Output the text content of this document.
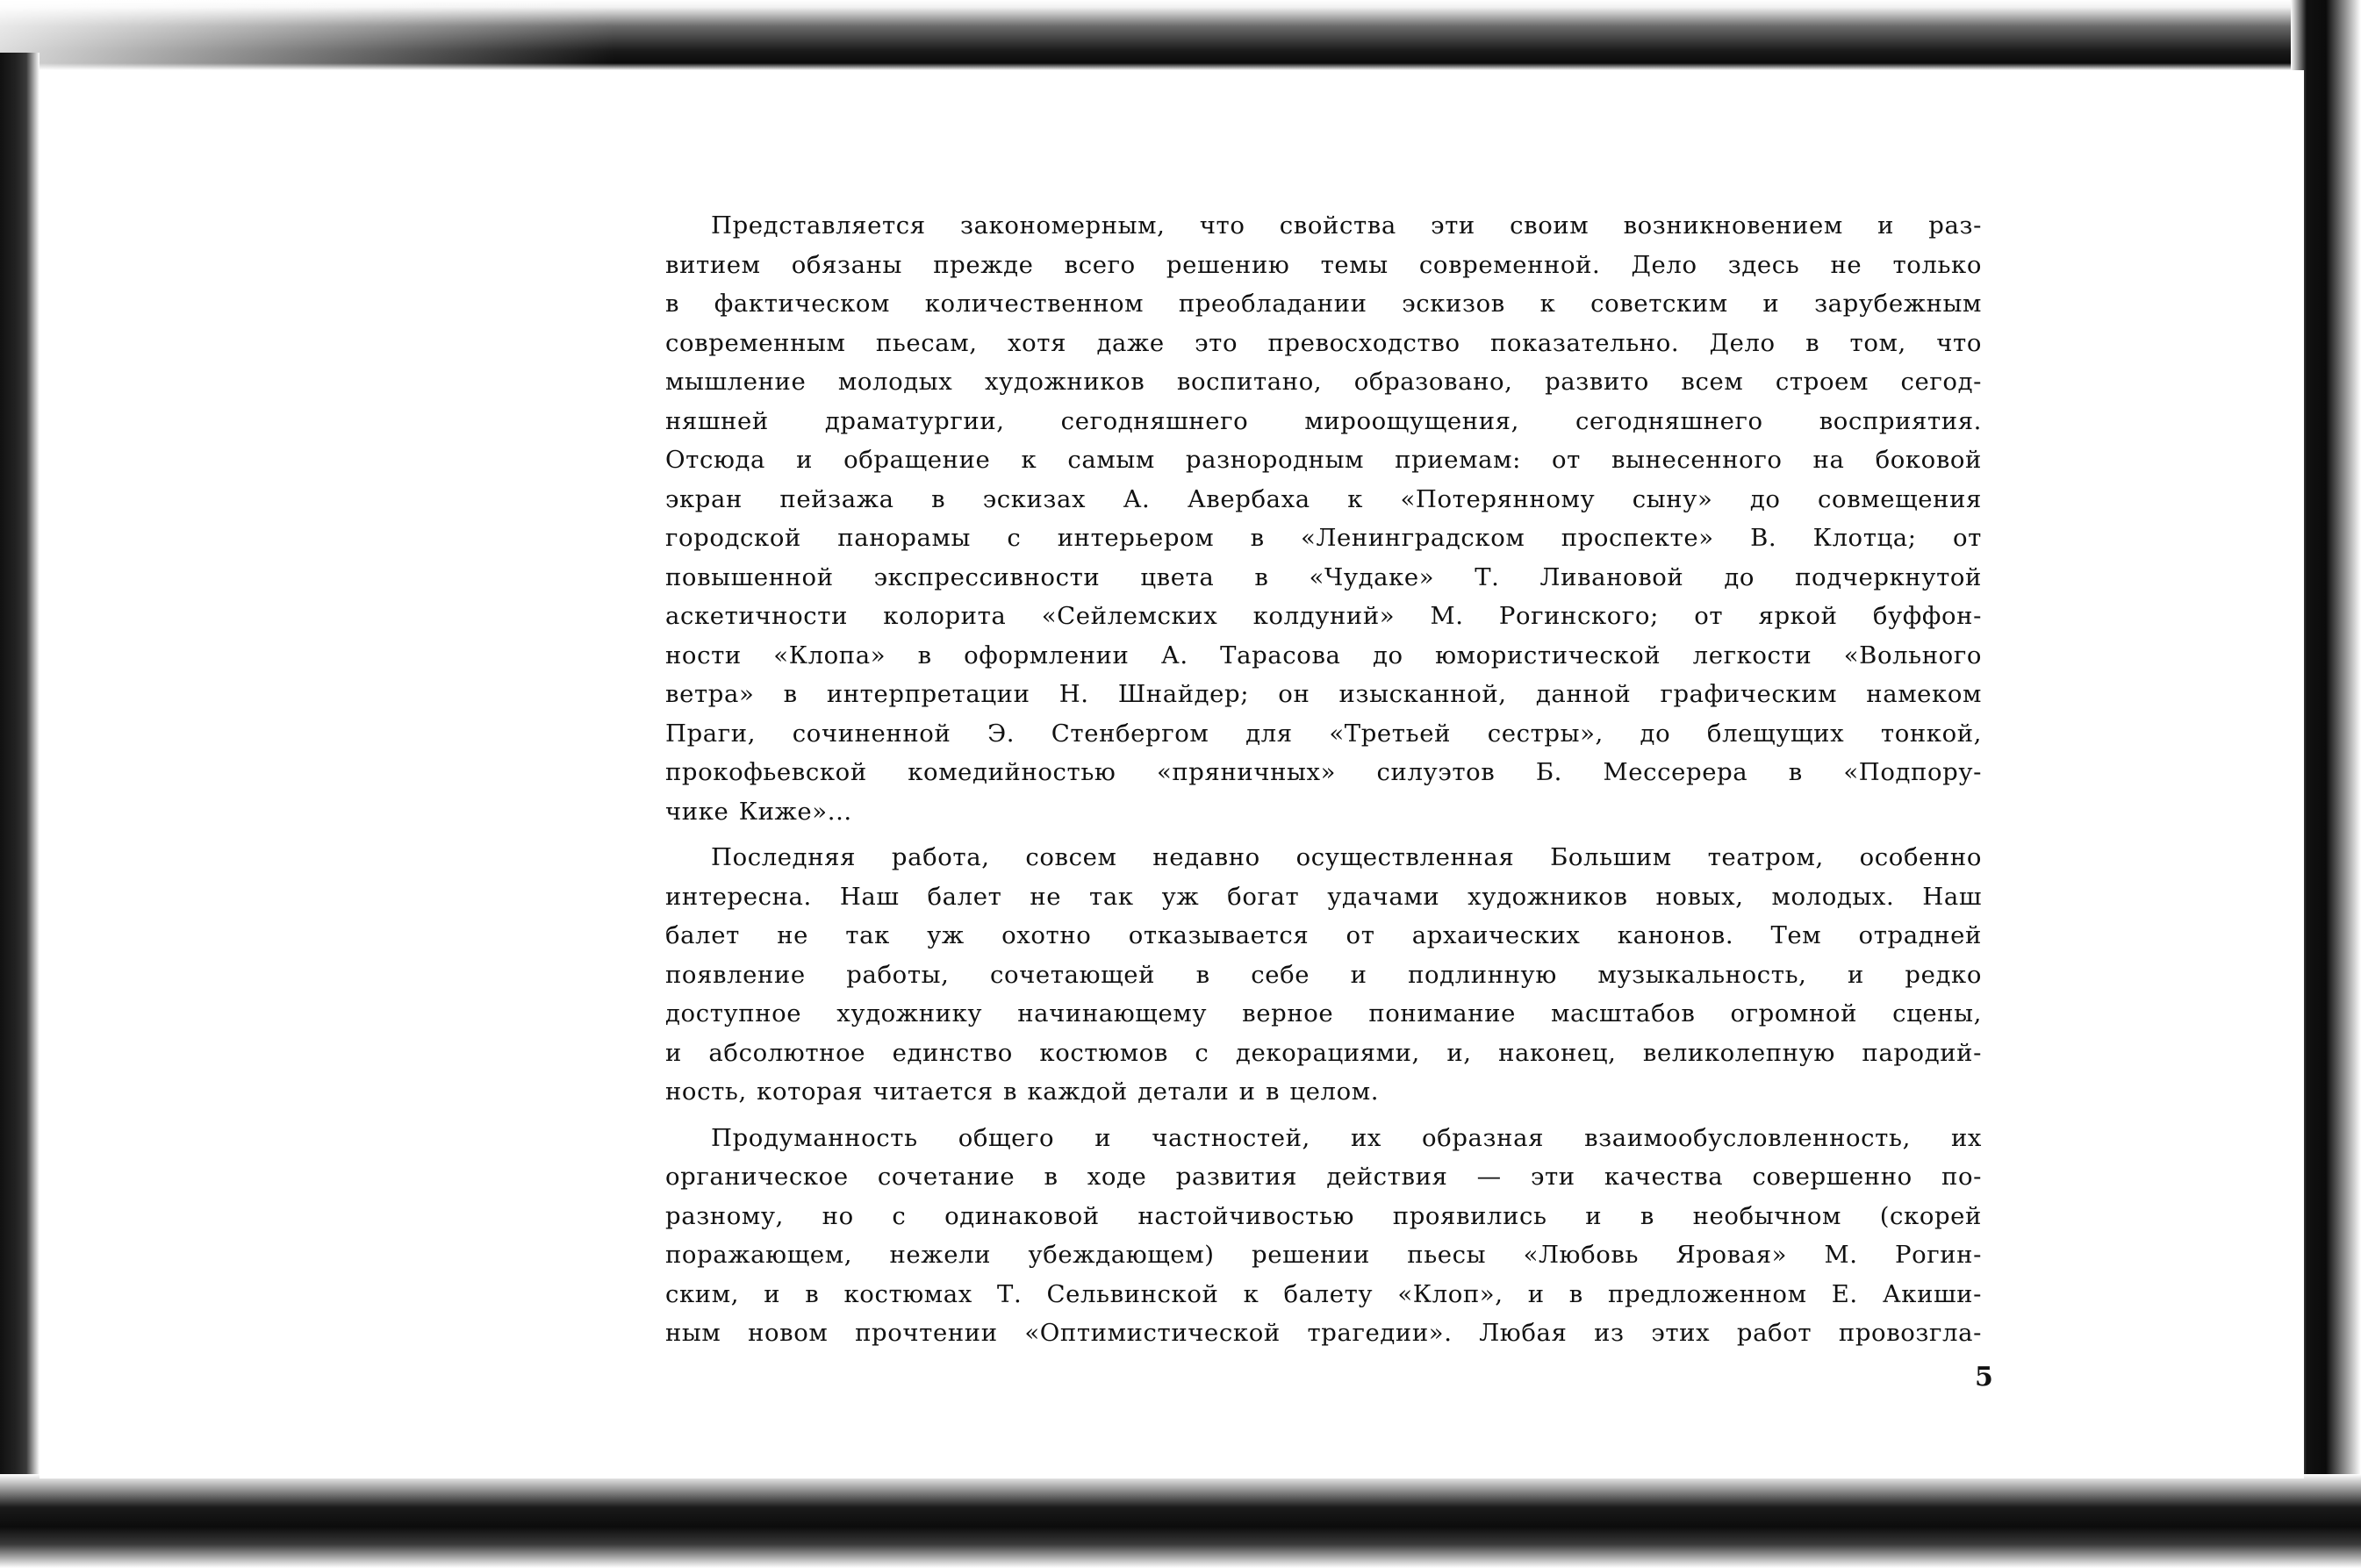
Представляется закономерным, что свойства эти своим возникновением и раз-
витием обязаны прежде всего решению темы современной. Дело здесь не только
в фактическом количественном преобладании эскизов к советским и зарубежным
современным пьесам, хотя даже это превосходство показательно. Дело в том, что
мышление молодых художников воспитано, образовано, развито всем строем сегод-
няшней драматургии, сегодняшнего мироощущения, сегодняшнего восприятия.
Отсюда и обращение к самым разнородным приемам: от вынесенного на боковой
экран пейзажа в эскизах А. Авербаха к «Потерянному сыну» до совмещения
городской панорамы с интерьером в «Ленинградском проспекте» В. Клотца; от
повышенной экспрессивности цвета в «Чудаке» Т. Ливановой до подчеркнутой
аскетичности колорита «Сейлемских колдуний» М. Рогинского; от яркой буффон-
ности «Клопа» в оформлении А. Тарасова до юмористической легкости «Вольного
ветра» в интерпретации Н. Шнайдер; он изысканной, данной графическим намеком
Праги, сочиненной Э. Стенбергом для «Третьей сестры», до блещущих тонкой,
прокофьевской комедийностью «пряничных» силуэтов Б. Мессерера в «Подпору-
чике Киже»...
Последняя работа, совсем недавно осуществленная Большим театром, особенно
интересна. Наш балет не так уж богат удачами художников новых, молодых. Наш
балет не так уж охотно отказывается от архаических канонов. Тем отрадней
появление работы, сочетающей в себе и подлинную музыкальность, и редко
доступное художнику начинающему верное понимание масштабов огромной сцены,
и абсолютное единство костюмов с декорациями, и, наконец, великолепную пародий-
ность, которая читается в каждой детали и в целом.
Продуманность общего и частностей, их образная взаимообусловленность, их
органическое сочетание в ходе развития действия — эти качества совершенно по-
разному, но с одинаковой настойчивостью проявились и в необычном (скорей
поражающем, нежели убеждающем) решении пьесы «Любовь Яровая» М. Рогин-
ским, и в костюмах Т. Сельвинской к балету «Клоп», и в предложенном Е. Акиши-
ным новом прочтении «Оптимистической трагедии». Любая из этих работ провозгла-
5
